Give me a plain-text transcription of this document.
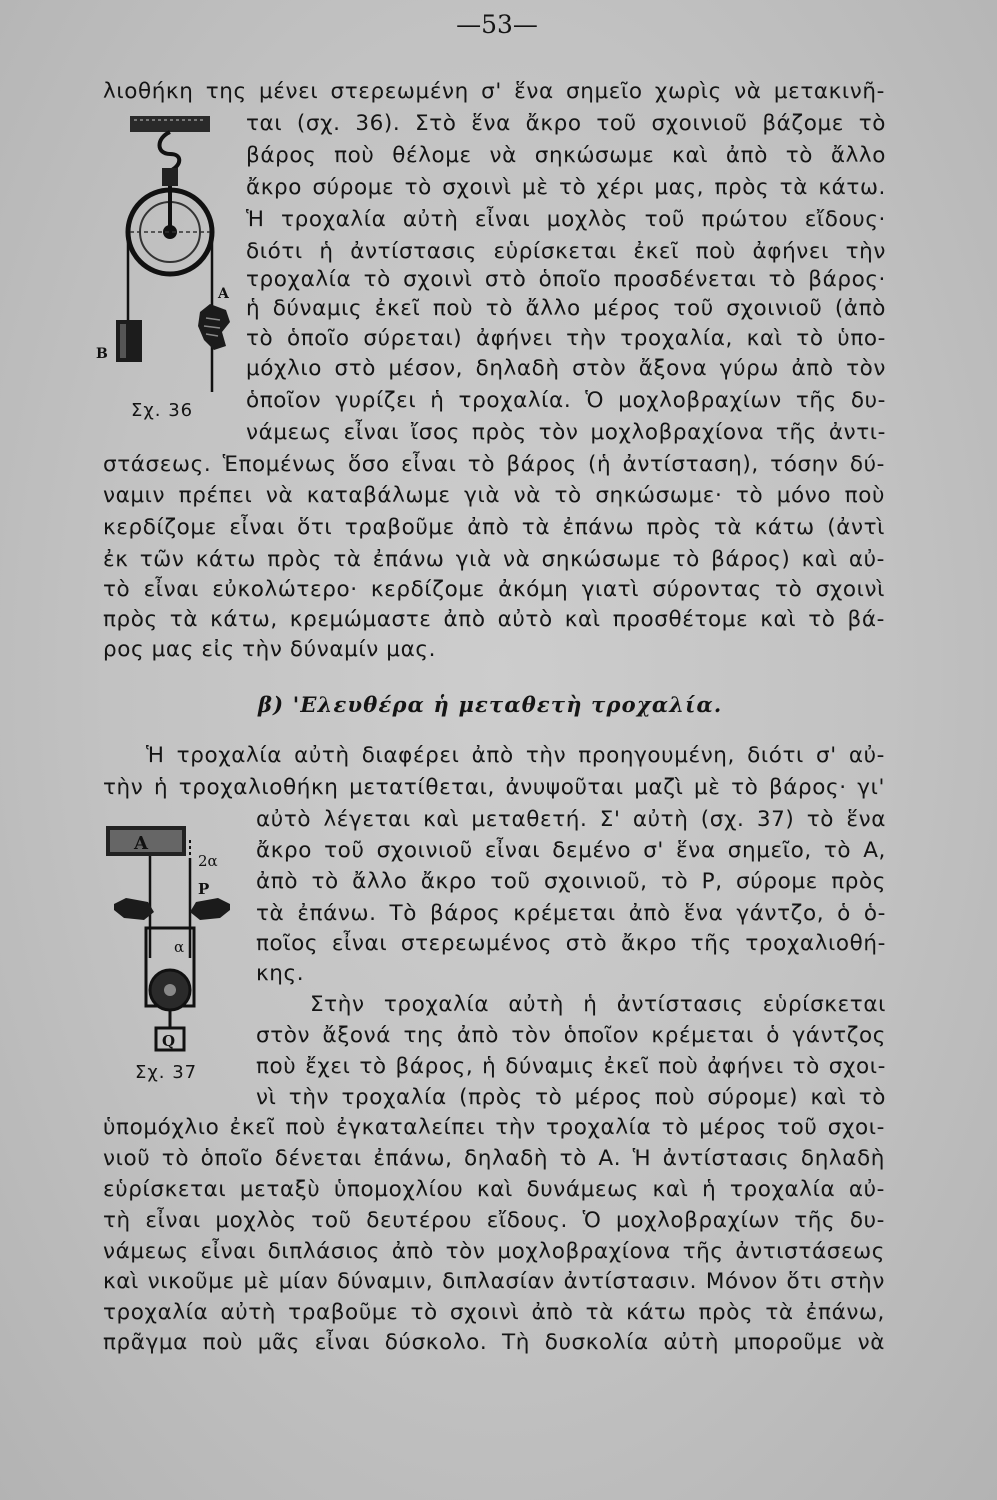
—53—
A
B
Σχ. 36
A
2α
P
α
Q
Σχ. 37
β) 'Ελευθέρα ἡ μεταθετὴ τροχαλία.
λιοθήκη της μένει στερεωμένη σ' ἕνα σημεῖο χωρὶς νὰ μετακινῆ-
ται (σχ. 36). Στὸ ἕνα ἄκρο τοῦ σχοινιοῦ βάζομε τὸ
βάρος ποὺ θέλομε νὰ σηκώσωμε καὶ ἀπὸ τὸ ἄλλο
ἄκρο σύρομε τὸ σχοινὶ μὲ τὸ χέρι μας, πρὸς τὰ κάτω.
Ἡ τροχαλία αὐτὴ εἶναι μοχλὸς τοῦ πρώτου εἴδους·
διότι ἡ ἀντίστασις εὑρίσκεται ἐκεῖ ποὺ ἀφήνει τὴν
τροχαλία τὸ σχοινὶ στὸ ὁποῖο προσδένεται τὸ βάρος·
ἡ δύναμις ἐκεῖ ποὺ τὸ ἄλλο μέρος τοῦ σχοινιοῦ (ἀπὸ
τὸ ὁποῖο σύρεται) ἀφήνει τὴν τροχαλία, καὶ τὸ ὑπο-
μόχλιο στὸ μέσον, δηλαδὴ στὸν ἄξονα γύρω ἀπὸ τὸν
ὁποῖον γυρίζει ἡ τροχαλία. Ὁ μοχλοβραχίων τῆς δυ-
νάμεως εἶναι ἴσος πρὸς τὸν μοχλοβραχίονα τῆς ἀντι-
στάσεως. Ἑπομένως ὅσο εἶναι τὸ βάρος (ἡ ἀντίσταση), τόσην δύ-
ναμιν πρέπει νὰ καταβάλωμε γιὰ νὰ τὸ σηκώσωμε· τὸ μόνο ποὺ
κερδίζομε εἶναι ὅτι τραβοῦμε ἀπὸ τὰ ἐπάνω πρὸς τὰ κάτω (ἀντὶ
ἐκ τῶν κάτω πρὸς τὰ ἐπάνω γιὰ νὰ σηκώσωμε τὸ βάρος) καὶ αὐ-
τὸ εἶναι εὐκολώτερο· κερδίζομε ἀκόμη γιατὶ σύροντας τὸ σχοινὶ
πρὸς τὰ κάτω, κρεμώμαστε ἀπὸ αὐτὸ καὶ προσθέτομε καὶ τὸ βά-
ρος μας εἰς τὴν δύναμίν μας.
Ἡ τροχαλία αὐτὴ διαφέρει ἀπὸ τὴν προηγουμένη, διότι σ' αὐ-
τὴν ἡ τροχαλιοθήκη μετατίθεται, ἀνυψοῦται μαζὶ μὲ τὸ βάρος· γι'
αὐτὸ λέγεται καὶ μεταθετή. Σ' αὐτὴ (σχ. 37) τὸ ἕνα
ἄκρο τοῦ σχοινιοῦ εἶναι δεμένο σ' ἕνα σημεῖο, τὸ Α,
ἀπὸ τὸ ἄλλο ἄκρο τοῦ σχοινιοῦ, τὸ Ρ, σύρομε πρὸς
τὰ ἐπάνω. Τὸ βάρος κρέμεται ἀπὸ ἕνα γάντζο, ὁ ὁ-
ποῖος εἶναι στερεωμένος στὸ ἄκρο τῆς τροχαλιοθή-
κης.
Στὴν τροχαλία αὐτὴ ἡ ἀντίστασις εὑρίσκεται
στὸν ἄξονά της ἀπὸ τὸν ὁποῖον κρέμεται ὁ γάντζος
ποὺ ἔχει τὸ βάρος, ἡ δύναμις ἐκεῖ ποὺ ἀφήνει τὸ σχοι-
νὶ τὴν τροχαλία (πρὸς τὸ μέρος ποὺ σύρομε) καὶ τὸ
ὑπομόχλιο ἐκεῖ ποὺ ἐγκαταλείπει τὴν τροχαλία τὸ μέρος τοῦ σχοι-
νιοῦ τὸ ὁποῖο δένεται ἐπάνω, δηλαδὴ τὸ Α. Ἡ ἀντίστασις δηλαδὴ
εὑρίσκεται μεταξὺ ὑπομοχλίου καὶ δυνάμεως καὶ ἡ τροχαλία αὐ-
τὴ εἶναι μοχλὸς τοῦ δευτέρου εἴδους. Ὁ μοχλοβραχίων τῆς δυ-
νάμεως εἶναι διπλάσιος ἀπὸ τὸν μοχλοβραχίονα τῆς ἀντιστάσεως
καὶ νικοῦμε μὲ μίαν δύναμιν, διπλασίαν ἀντίστασιν. Μόνον ὅτι στὴν
τροχαλία αὐτὴ τραβοῦμε τὸ σχοινὶ ἀπὸ τὰ κάτω πρὸς τὰ ἐπάνω,
πρᾶγμα ποὺ μᾶς εἶναι δύσκολο. Τὴ δυσκολία αὐτὴ μποροῦμε νὰ
